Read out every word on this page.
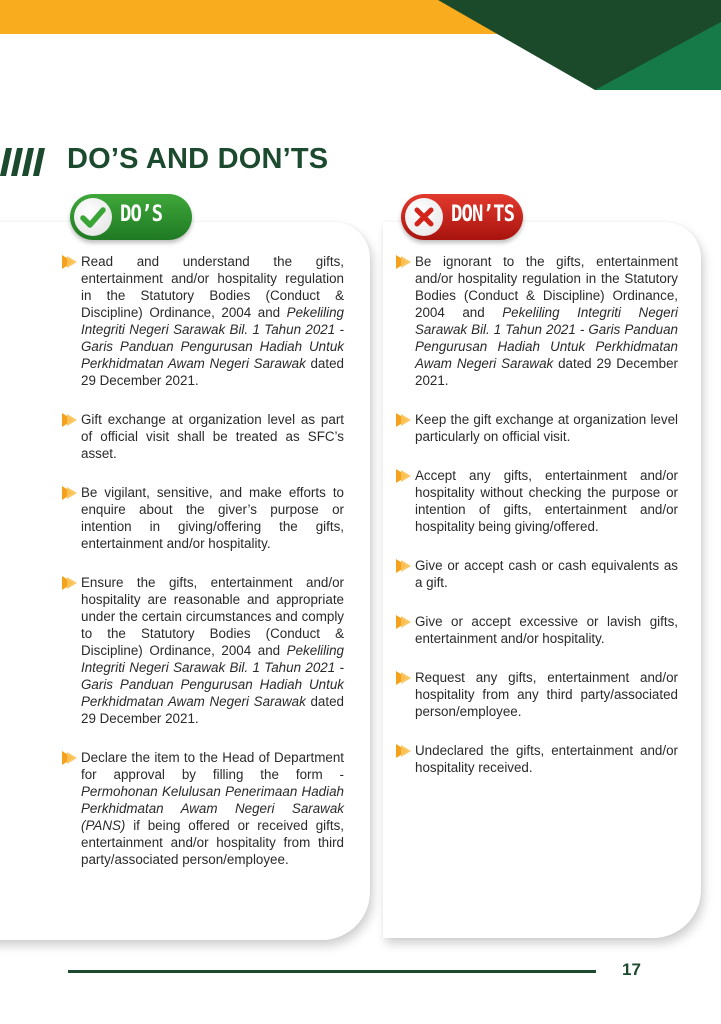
DO’S AND DON’TS
DO’S	DON’TS

Read and understand the gifts, entertainment and/or hospitality regulation in the Statutory Bodies (Conduct & Discipline) Ordinance, 2004 and Pekeliling Integriti Negeri Sarawak Bil. 1 Tahun 2021 - Garis Panduan Pengurusan Hadiah Untuk Perkhidmatan Awam Negeri Sarawak dated 29 December 2021.

Gift exchange at organization level as part of official visit shall be treated as SFC’s asset.

Be vigilant, sensitive, and make efforts to enquire about the giver’s purpose or intention in giving/offering the gifts, entertainment and/or hospitality.

Ensure the gifts, entertainment and/or hospitality are reasonable and appropriate under the certain circumstances and comply to the Statutory Bodies (Conduct & Discipline) Ordinance, 2004 and Pekeliling Integriti Negeri Sarawak Bil. 1 Tahun 2021 - Garis Panduan Pengurusan Hadiah Untuk Perkhidmatan Awam Negeri Sarawak dated 29 December 2021.

Declare the item to the Head of Department for approval by filling the form - Permohonan Kelulusan Penerimaan Hadiah Perkhidmatan Awam Negeri Sarawak (PANS) if being offered or received gifts, entertainment and/or hospitality from third party/associated person/employee.

Be ignorant to the gifts, entertainment and/or hospitality regulation in the Statutory Bodies (Conduct & Discipline) Ordinance, 2004 and Pekeliling Integriti Negeri Sarawak Bil. 1 Tahun 2021 - Garis Panduan Pengurusan Hadiah Untuk Perkhidmatan Awam Negeri Sarawak dated 29 December 2021.

Keep the gift exchange at organization level particularly on official visit.

Accept any gifts, entertainment and/or hospitality without checking the purpose or intention of gifts, entertainment and/or hospitality being giving/offered.

Give or accept cash or cash equivalents as a gift.

Give or accept excessive or lavish gifts, entertainment and/or hospitality.

Request any gifts, entertainment and/or hospitality from any third party/associated person/employee.

Undeclared the gifts, entertainment and/or hospitality received.

17
